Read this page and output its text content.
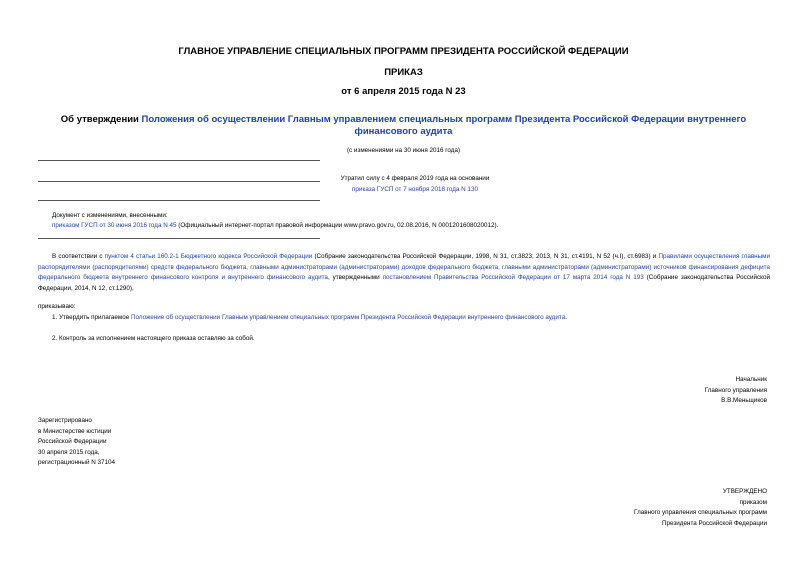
ГЛАВНОЕ УПРАВЛЕНИЕ СПЕЦИАЛЬНЫХ ПРОГРАММ ПРЕЗИДЕНТА РОССИЙСКОЙ ФЕДЕРАЦИИ
ПРИКАЗ
от 6 апреля 2015 года N 23
Об утверждении Положения об осуществлении Главным управлением специальных программ Президента Российской Федерации внутреннего финансового аудита
(с изменениями на 30 июня 2016 года)
Утратил силу с 4 февраля 2019 года на основании
приказа ГУСП от 7 ноября 2018 года N 130
Документ с изменениями, внесенными:
приказом ГУСП от 30 июня 2016 года N 45 (Официальный интернет-портал правовой информации www.pravo.gov.ru, 02.08.2016, N 0001201608020012).
В соответствии с пунктом 4 статьи 160.2-1 Бюджетного кодекса Российской Федерации (Собрание законодательства Российской Федерации, 1998, N 31, ст.3823; 2013, N 31, ст.4191, N 52 (ч.I), ст.6983) и Правилами осуществления главными распорядителями (распорядителями) средств федерального бюджета, главными администраторами (администраторами) доходов федерального бюджета, главными администраторами (администраторами) источников финансирования дефицита федерального бюджета внутреннего финансового контроля и внутреннего финансового аудита, утвержденными постановлением Правительства Российской Федерации от 17 марта 2014 года N 193 (Собрание законодательства Российской Федерации, 2014, N 12, ст.1290),
приказываю:
1. Утвердить прилагаемое Положение об осуществлении Главным управлением специальных программ Президента Российской Федерации внутреннего финансового аудита.
2. Контроль за исполнением настоящего приказа оставляю за собой.
Начальник
Главного управления
В.В.Меньщиков
Зарегистрировано
в Министерстве юстиции
Российской Федерации
30 апреля 2015 года,
регистрационный N 37104
УТВЕРЖДЕНО
приказом
Главного управления специальных программ
Президента Российской Федерации
